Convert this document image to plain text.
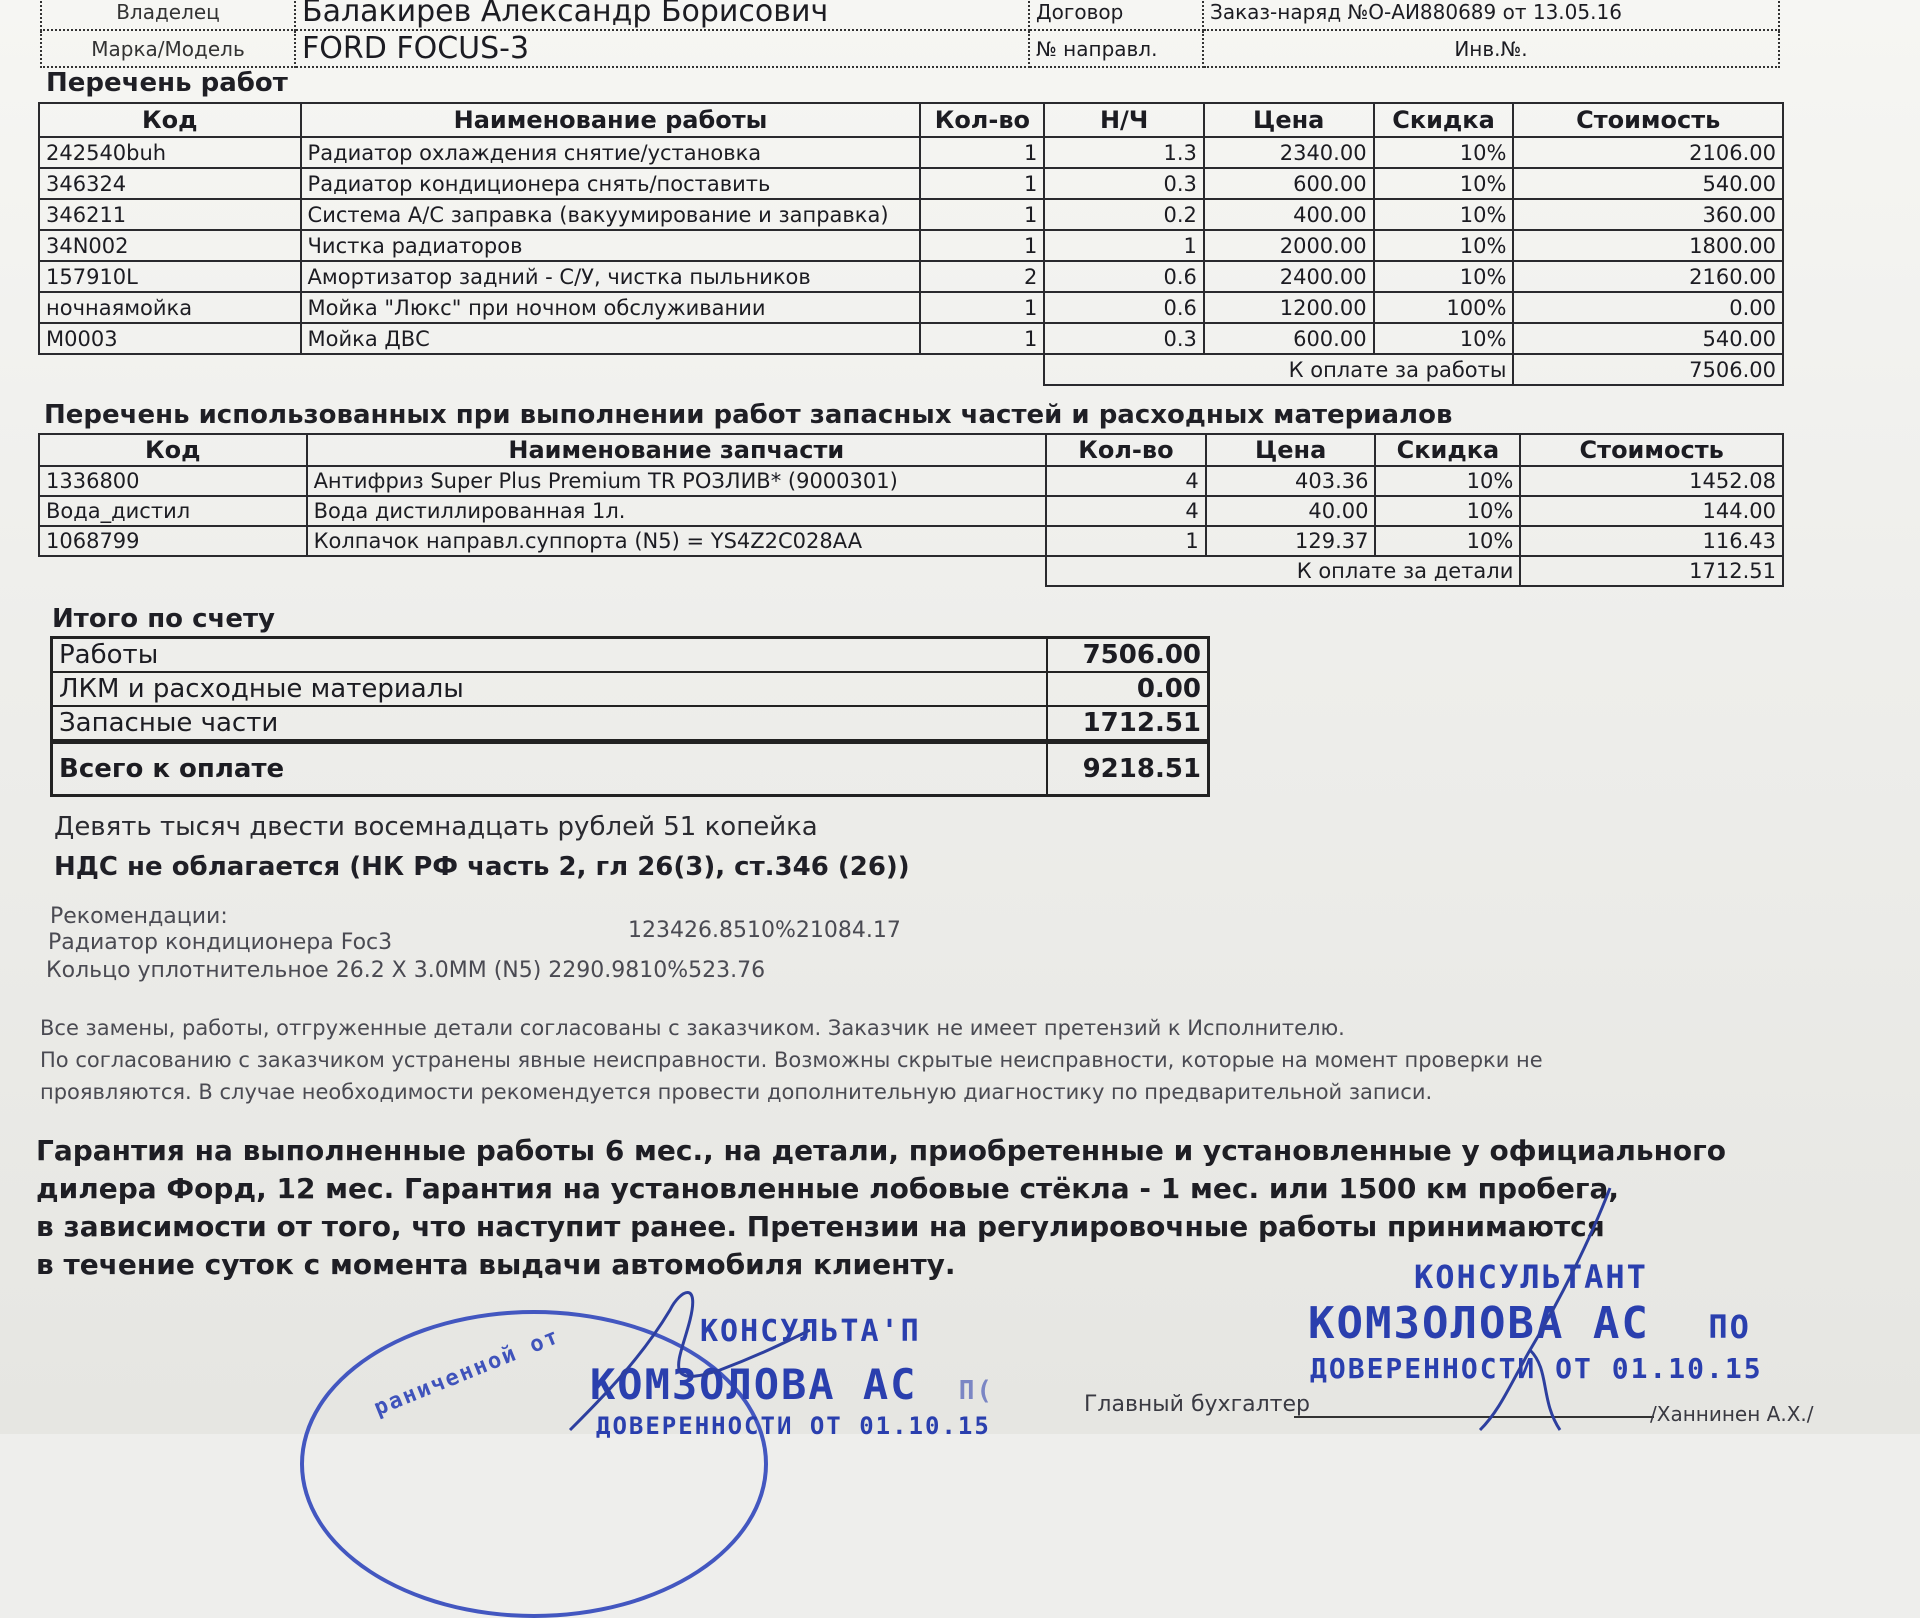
Владелец	Балакирев Александр Борисович	Договор	Заказ-наряд №О-АИ880689 от 13.05.16
Марка/Модель	FORD FOCUS-3	№ направл.	Инв.№.
Перечень работ
Код	Наименование работы	Кол-во	Н/Ч	Цена	Скидка	Стоимость
242540buh	Радиатор охлаждения снятие/установка	1	1.3	2340.00	10%	2106.00
346324	Радиатор кондиционера снять/поставить	1	0.3	600.00	10%	540.00
346211	Система А/С заправка (вакуумирование и заправка)	1	0.2	400.00	10%	360.00
34N002	Чистка радиаторов	1	1	2000.00	10%	1800.00
157910L	Амортизатор задний - С/У, чистка пыльников	2	0.6	2400.00	10%	2160.00
ночнаямойка	Мойка "Люкс" при ночном обслуживании	1	0.6	1200.00	100%	0.00
M0003	Мойка ДВС	1	0.3	600.00	10%	540.00
			К оплате за работы			7506.00
Перечень использованных при выполнении работ запасных частей и расходных материалов
Код	Наименование запчасти	Кол-во	Цена	Скидка	Стоимость
1336800	Антифриз Super Plus Premium TR РОЗЛИВ* (9000301)	4	403.36	10%	1452.08
Вода_дистил	Вода дистиллированная 1л.	4	40.00	10%	144.00
1068799	Колпачок направл.суппорта (N5) = YS4Z2C028AA	1	129.37	10%	116.43
		К оплате за детали			1712.51
Итого по счету
Работы	7506.00
ЛКМ и расходные материалы	0.00
Запасные части	1712.51
Всего к оплате	9218.51
Девять тысяч двести восемнадцать рублей 51 копейка
НДС не облагается (НК РФ часть 2, гл 26(3), ст.346 (26))
Рекомендации:
Радиатор кондиционера Foc3	123426.8510%21084.17
Кольцо уплотнительное 26.2 X 3.0MM (N5) 2290.9810%523.76
Все замены, работы, отгруженные детали согласованы с заказчиком. Заказчик не имеет претензий к Исполнителю.
По согласованию с заказчиком устранены явные неисправности. Возможны скрытые неисправности, которые на момент проверки не
проявляются. В случае необходимости рекомендуется провести дополнительную диагностику по предварительной записи.
Гарантия на выполненные работы 6 мес., на детали, приобретенные и установленные у официального
дилера Форд, 12 мес. Гарантия на установленные лобовые стёкла - 1 мес. или 1500 км пробега,
в зависимости от того, что наступит ранее. Претензии на регулировочные работы принимаются
в течение суток с момента выдачи автомобиля клиенту.
раниченной от	КОНСУЛЬТА'П
КОМЗОЛОВА АС П(
ДОВЕРЕННОСТИ ОТ 01.10.15
КОНСУЛЬТАНТ
КОМЗОЛОВА АС ПО
ДОВЕРЕННОСТИ ОТ 01.10.15
Главный бухгалтер	/Ханнинен А.Х./
